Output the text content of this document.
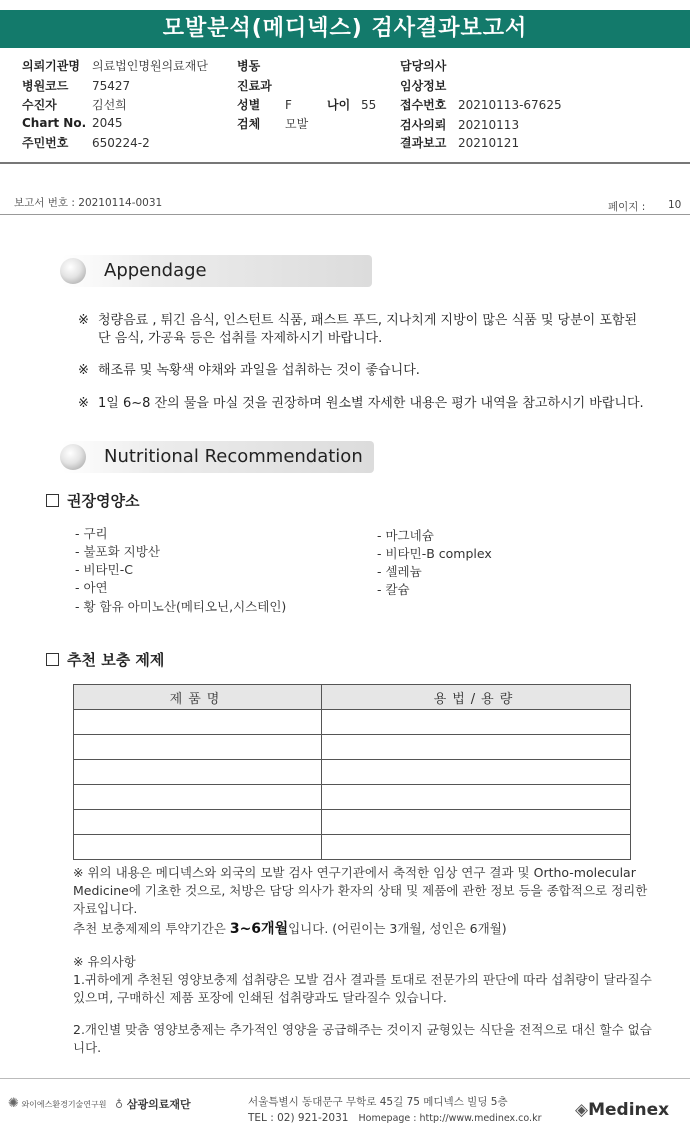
모발분석(메디넥스) 검사결과보고서
의뢰기관명 의료법인명원의료재단
병원코드 75427
수진자	김선희
Chart No. 2045
주민번호 650224-2
병동
진료과
성별 F
검체 모발
나이 55
담당의사
임상정보
접수번호 20210113-67625
검사의뢰 20210113
결과보고 20210121
보고서 번호 : 20210114-0031	페이지 : 10
Appendage
※ 청량음료 , 튀긴 음식, 인스턴트 식품, 패스트 푸드, 지나치게 지방이 많은 식품 및 당분이 포함된 단 음식, 가공육 등은 섭취를 자제하시기 바랍니다.
※ 해조류 및 녹황색 야채와 과일을 섭취하는 것이 좋습니다.
※ 1일 6~8 잔의 물을 마실 것을 권장하며 원소별 자세한 내용은 평가 내역을 참고하시기 바랍니다.
Nutritional Recommendation
권장영양소
- 구리
- 불포화 지방산
- 비타민-C
- 아연
- 황 함유 아미노산(메티오닌,시스테인)
- 마그네슘
- 비타민-B complex
- 셀레늄
- 칼슘
추천 보충 제제
제품명	용법/용량

※ 위의 내용은 메디넥스와 외국의 모발 검사 연구기관에서 축적한 임상 연구 결과 및 Ortho-molecular Medicine에 기초한 것으로, 처방은 담당 의사가 환자의 상태 및 제품에 관한 정보 등을 종합적으로 정리한 자료입니다.
추천 보충제제의 투약기간은 3~6개월입니다. (어린이는 3개월, 성인은 6개월)
※ 유의사항
1.귀하에게 추천된 영양보충제 섭취량은 모발 검사 결과를 토대로 전문가의 판단에 따라 섭취량이 달라질수 있으며, 구매하신 제품 포장에 인쇄된 섭취량과도 달라질수 있습니다.
2.개인별 맞춤 영양보충제는 추가적인 영양을 공급해주는 것이지 균형있는 식단을 전적으로 대신 할수 없습니다.
✺ 와이에스환경기술연구원 ♁ 삼광의료재단	서울특별시 동대문구 무학로 45길 75 메디넥스 빌딩 5층
TEL : 02) 921-2031 Homepage : http://www.medinex.co.kr ◈Medinex
